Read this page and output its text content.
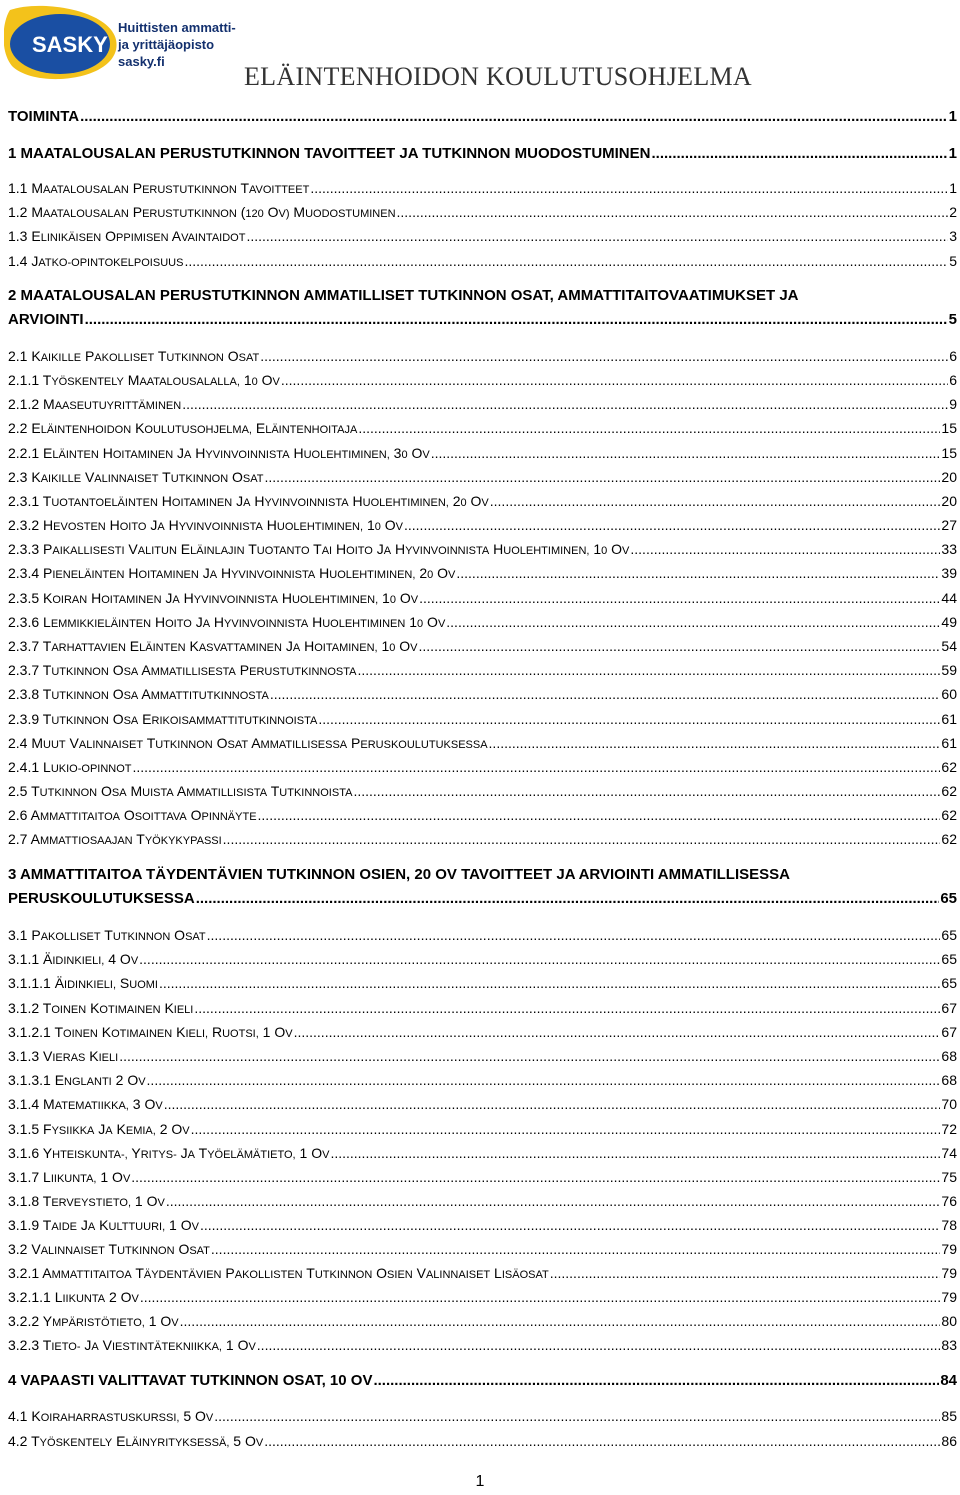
SASKY
Huittisten ammatti-
ja yrittäjäopisto
sasky.fi
ELÄINTENHOIDON KOULUTUSOHJELMA
TOIMINTA .....	1
1 MAATALOUSALAN PERUSTUTKINNON TAVOITTEET JA TUTKINNON MUODOSTUMINEN .....	1
1.1 MAATALOUSALAN PERUSTUTKINNON TAVOITTEET .....	1
1.2 MAATALOUSALAN PERUSTUTKINNON (120 OV) MUODOSTUMINEN .....	2
1.3 ELINIKÄISEN OPPIMISEN AVAINTAIDOT .....	3
1.4 JATKO-OPINTOKELPOISUUS .....	5
2 MAATALOUSALAN PERUSTUTKINNON AMMATILLISET TUTKINNON OSAT, AMMATTITAITOVAATIMUKSET JA
ARVIOINTI .....	5
2.1 KAIKILLE PAKOLLISET TUTKINNON OSAT .....	6
2.1.1 TYÖSKENTELY MAATALOUSALALLA, 10 OV .....	6
2.1.2 MAASEUTUYRITTÄMINEN .....	9
2.2 ELÄINTENHOIDON KOULUTUSOHJELMA, ELÄINTENHOITAJA .....	15
2.2.1 ELÄINTEN HOITAMINEN JA HYVINVOINNISTA HUOLEHTIMINEN, 30 OV .....	15
2.3 KAIKILLE VALINNAISET TUTKINNON OSAT .....	20
2.3.1 TUOTANTOELÄINTEN HOITAMINEN JA HYVINVOINNISTA HUOLEHTIMINEN, 20 OV .....	20
2.3.2 HEVOSTEN HOITO JA HYVINVOINNISTA HUOLEHTIMINEN, 10 OV .....	27
2.3.3 PAIKALLISESTI VALITUN ELÄINLAJIN TUOTANTO TAI HOITO JA HYVINVOINNISTA HUOLEHTIMINEN, 10 OV .....	33
2.3.4 PIENELÄINTEN HOITAMINEN JA HYVINVOINNISTA HUOLEHTIMINEN, 20 OV .....	39
2.3.5 KOIRAN HOITAMINEN JA HYVINVOINNISTA HUOLEHTIMINEN, 10 OV .....	44
2.3.6 LEMMIKKIELÄINTEN HOITO JA HYVINVOINNISTA HUOLEHTIMINEN 10 OV .....	49
2.3.7 TARHATTAVIEN ELÄINTEN KASVATTAMINEN JA HOITAMINEN, 10 OV .....	54
2.3.7 TUTKINNON OSA AMMATILLISESTA PERUSTUTKINNOSTA .....	59
2.3.8 TUTKINNON OSA AMMATTITUTKINNOSTA .....	60
2.3.9 TUTKINNON OSA ERIKOISAMMATTITUTKINNOISTA .....	61
2.4 MUUT VALINNAISET TUTKINNON OSAT AMMATILLISESSA PERUSKOULUTUKSESSA .....	61
2.4.1 LUKIO-OPINNOT .....	62
2.5 TUTKINNON OSA MUISTA AMMATILLISISTA TUTKINNOISTA .....	62
2.6 AMMATTITAITOA OSOITTAVA OPINNÄYTE .....	62
2.7 AMMATTIOSAAJAN TYÖKYKYPASSI .....	62
3 AMMATTITAITOA TÄYDENTÄVIEN TUTKINNON OSIEN, 20 OV TAVOITTEET JA ARVIOINTI AMMATILLISESSA
PERUSKOULUTUKSESSA .....	65
3.1 PAKOLLISET TUTKINNON OSAT .....	65
3.1.1 ÄIDINKIELI, 4 OV .....	65
3.1.1.1 ÄIDINKIELI, SUOMI .....	65
3.1.2 TOINEN KOTIMAINEN KIELI .....	67
3.1.2.1 TOINEN KOTIMAINEN KIELI, RUOTSI, 1 OV .....	67
3.1.3 VIERAS KIELI .....	68
3.1.3.1 ENGLANTI 2 OV .....	68
3.1.4 MATEMATIIKKA, 3 OV .....	70
3.1.5 FYSIIKKA JA KEMIA, 2 OV .....	72
3.1.6 YHTEISKUNTA-, YRITYS- JA TYÖELÄMÄTIETO, 1 OV .....	74
3.1.7 LIIKUNTA, 1 OV .....	75
3.1.8 TERVEYSTIETO, 1 OV .....	76
3.1.9 TAIDE JA KULTTUURI, 1 OV .....	78
3.2 VALINNAISET TUTKINNON OSAT .....	79
3.2.1 AMMATTITAITOA TÄYDENTÄVIEN PAKOLLISTEN TUTKINNON OSIEN VALINNAISET LISÄOSAT .....	79
3.2.1.1 LIIKUNTA 2 OV .....	79
3.2.2 YMPÄRISTÖTIETO, 1 OV .....	80
3.2.3 TIETO- JA VIESTINTÄTEKNIIKKA, 1 OV .....	83
4 VAPAASTI VALITTAVAT TUTKINNON OSAT, 10 OV .....	84
4.1 KOIRAHARRASTUSKURSSI, 5 OV .....	85
4.2 TYÖSKENTELY ELÄINYRITYKSESSÄ, 5 OV .....	86
1
